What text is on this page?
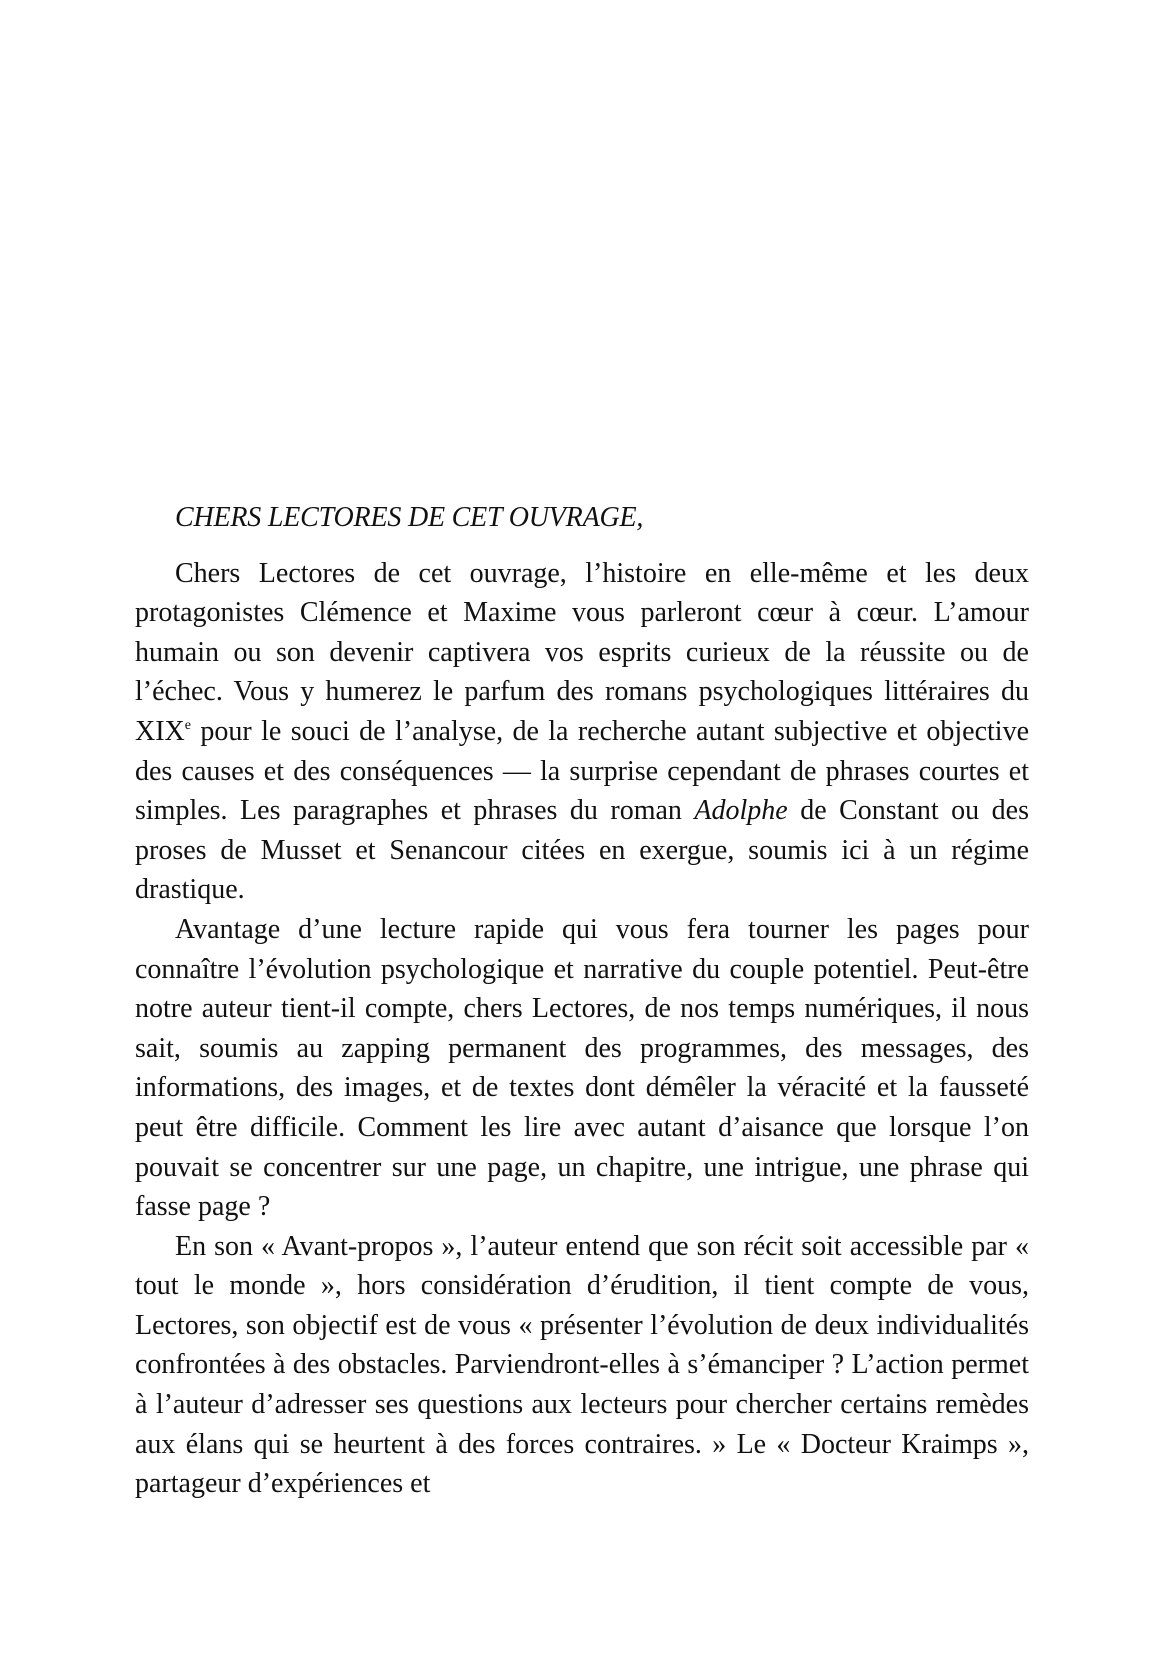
CHERS LECTORES DE CET OUVRAGE,

Chers Lectores de cet ouvrage, l’histoire en elle-même et les deux protagonistes Clémence et Maxime vous parleront cœur à cœur. L’amour humain ou son devenir captivera vos esprits curieux de la réussite ou de l’échec. Vous y humerez le parfum des romans psychologiques littéraires du XIXe pour le souci de l’analyse, de la recherche autant subjective et objective des causes et des conséquences — la surprise cependant de phrases courtes et simples. Les paragraphes et phrases du roman Adolphe de Constant ou des proses de Musset et Senancour citées en exergue, soumis ici à un régime drastique.

Avantage d’une lecture rapide qui vous fera tourner les pages pour connaître l’évolution psychologique et narrative du couple potentiel. Peut-être notre auteur tient-il compte, chers Lectores, de nos temps numériques, il nous sait, soumis au zapping permanent des programmes, des messages, des informations, des images, et de textes dont démêler la véracité et la fausseté peut être difficile. Comment les lire avec autant d’aisance que lorsque l’on pouvait se concentrer sur une page, un chapitre, une intrigue, une phrase qui fasse page ?

En son « Avant-propos », l’auteur entend que son récit soit accessible par « tout le monde », hors considération d’érudition, il tient compte de vous, Lectores, son objectif est de vous « présenter l’évolution de deux individualités confrontées à des obstacles. Parviendront-elles à s’émanciper ? L’action permet à l’auteur d’adresser ses questions aux lecteurs pour chercher certains remèdes aux élans qui se heurtent à des forces contraires. » Le « Docteur Kraimps », partageur d’expériences et
